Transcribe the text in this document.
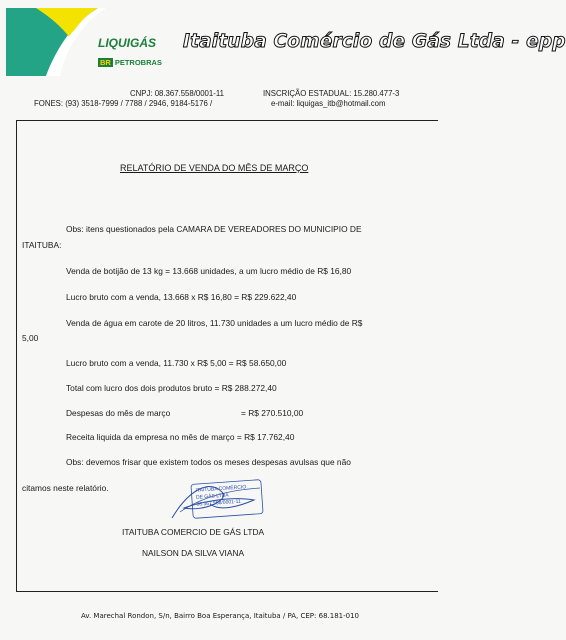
LIQUIGÁS
BR PETROBRAS
Itaituba Comércio de Gás Ltda - epp
CNPJ: 08.367.558/0001-11	INSCRIÇÃO ESTADUAL: 15.280.477-3
FONES: (93) 3518-7999 / 7788 / 2946, 9184-5176 /	e-mail: liquigas_itb@hotmail.com
RELATÓRIO DE VENDA DO MÊS DE MARÇO
Obs: itens questionados pela CAMARA DE VEREADORES DO MUNICIPIO DE
ITAITUBA:
Venda de botijão de 13 kg = 13.668 unidades, a um lucro médio de R$ 16,80
Lucro bruto com a venda, 13.668 x R$ 16,80 = R$ 229.622,40
Venda de água em carote de 20 litros, 11.730 unidades a um lucro médio de R$
5,00
Lucro bruto com a venda, 11.730 x R$ 5,00 = R$ 58.650,00
Total com lucro dos dois produtos bruto = R$ 288.272,40
Despesas do mês de março	= R$ 270.510,00
Receita liquida da empresa no mês de março = R$ 17.762,40
Obs: devemos frisar que existem todos os meses despesas avulsas que não
citamos neste relatório.	ITAITUBA COMÉRCIO
DE GÁS LTDA
08.367.558/0001-11
ITAITUBA COMERCIO DE GÁS LTDA
NAILSON DA SILVA VIANA
Av. Marechal Rondon, S/n, Bairro Boa Esperança, Itaituba / PA, CEP: 68.181-010
